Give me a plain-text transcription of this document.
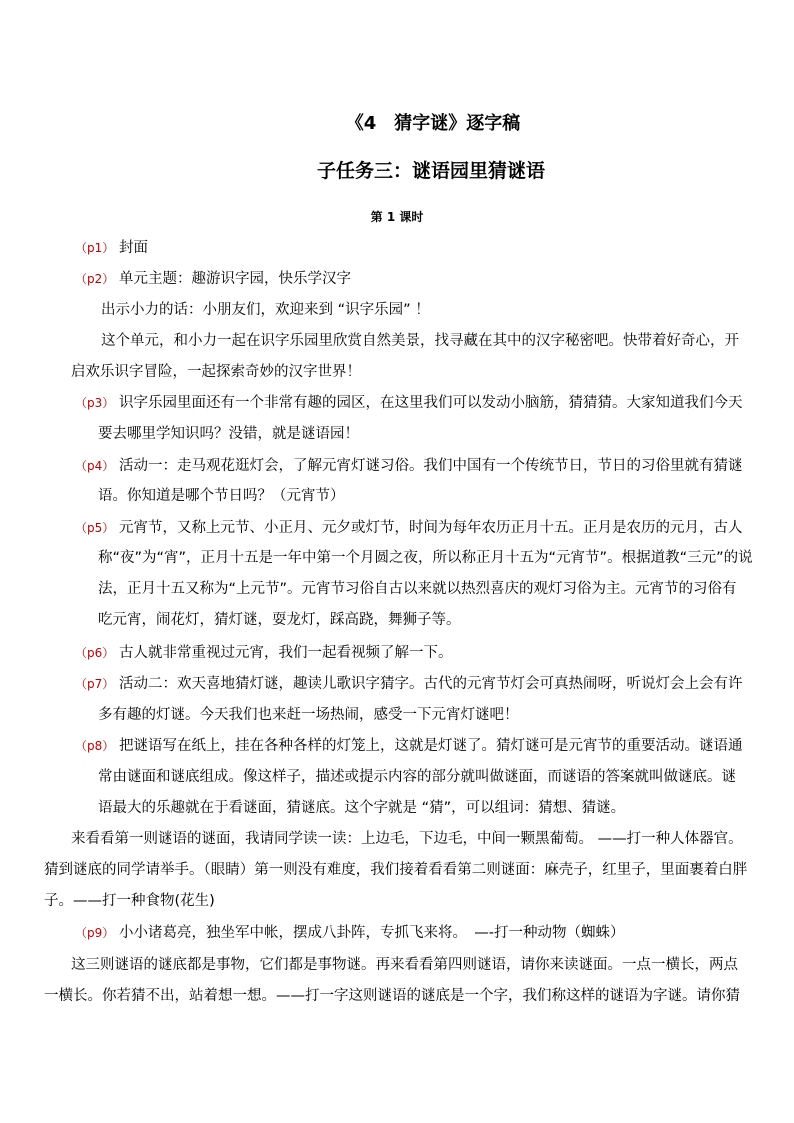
《4　猜字谜》逐字稿
子任务三：谜语园里猜谜语
第 1 课时
（p1） 封面
（p2） 单元主题：趣游识字园，快乐学汉字
出示小力的话：小朋友们，欢迎来到 “识字乐园” ！
这个单元，和小力一起在识字乐园里欣赏自然美景，找寻藏在其中的汉字秘密吧。快带着好奇心，开
启欢乐识字冒险，一起探索奇妙的汉字世界！
（p3） 识字乐园里面还有一个非常有趣的园区，在这里我们可以发动小脑筋，猜猜猜。大家知道我们今天
要去哪里学知识吗？没错，就是谜语园！
（p4） 活动一：走马观花逛灯会，了解元宵灯谜习俗。我们中国有一个传统节日，节日的习俗里就有猜谜
语。你知道是哪个节日吗？（元宵节）
（p5） 元宵节，又称上元节、小正月、元夕或灯节，时间为每年农历正月十五。正月是农历的元月，古人
称“夜”为“宵”，正月十五是一年中第一个月圆之夜，所以称正月十五为“元宵节”。根据道教“三元”的说
法，正月十五又称为“上元节”。元宵节习俗自古以来就以热烈喜庆的观灯习俗为主。元宵节的习俗有
吃元宵，闹花灯，猜灯谜，耍龙灯，踩高跷，舞狮子等。
（p6） 古人就非常重视过元宵，我们一起看视频了解一下。
（p7） 活动二：欢天喜地猜灯谜，趣读儿歌识字猜字。古代的元宵节灯会可真热闹呀，听说灯会上会有许
多有趣的灯谜。今天我们也来赶一场热闹，感受一下元宵灯谜吧！
（p8） 把谜语写在纸上，挂在各种各样的灯笼上，这就是灯谜了。猜灯谜可是元宵节的重要活动。谜语通
常由谜面和谜底组成。像这样子，描述或提示内容的部分就叫做谜面，而谜语的答案就叫做谜底。谜
语最大的乐趣就在于看谜面，猜谜底。这个字就是 “猜”，可以组词：猜想、猜谜。
来看看第一则谜语的谜面，我请同学读一读：上边毛，下边毛，中间一颗黑葡萄。 ——打一种人体器官。
猜到谜底的同学请举手。（眼睛）第一则没有难度，我们接着看看第二则谜面：麻壳子，红里子，里面裹着白胖
子。——打一种食物(花生)
（p9） 小小诸葛亮，独坐军中帐，摆成八卦阵，专抓飞来将。　—-打一种动物（蜘蛛）
这三则谜语的谜底都是事物，它们都是事物谜。再来看看第四则谜语，请你来读谜面。一点一横长，两点
一横长。你若猜不出，站着想一想。——打一字这则谜语的谜底是一个字，我们称这样的谜语为字谜。请你猜
